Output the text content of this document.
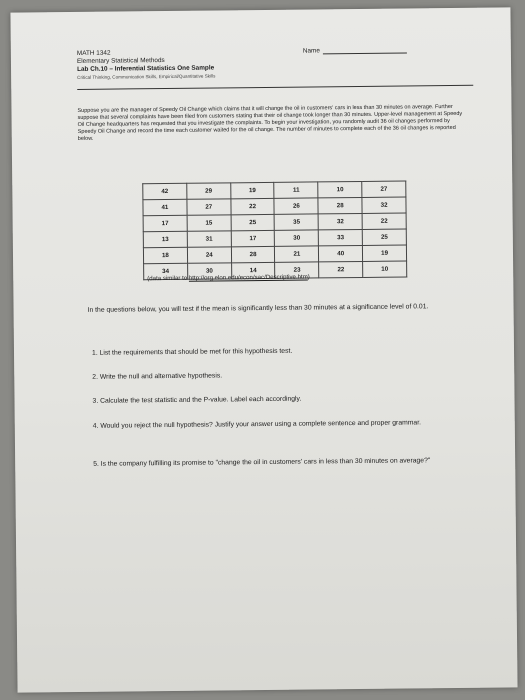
MATH 1342

Elementary Statistical Methods

Lab Ch.10 – Inferential Statistics One Sample

Critical Thinking, Communication Skills, Empirical/Quantitative Skills

Name

Suppose you are the manager of Speedy Oil Change which claims that it will change the oil in customers' cars in less than 30 minutes on average. Further suppose that several complaints have been filed from customers stating that their oil change took longer than 30 minutes. Upper-level management at Speedy Oil Change headquarters has requested that you investigate the complaints. To begin your investigation, you randomly audit 36 oil changes performed by Speedy Oil Change and record the time each customer waited for the oil change. The number of minutes to complete each of the 36 oil changes is reported below.

42	29	19	11	10	27
41	27	22	26	28	32
17	15	25	35	32	22
13	31	17	30	33	25
18	24	28	21	40	19
34	30	14	23	22	10
(data similar to http://org.elon.edu/econ/sac/Descriptive.htm)

In the questions below, you will test if the mean is significantly less than 30 minutes at a significance level of 0.01.

1. List the requirements that should be met for this hypothesis test.

2. Write the null and alternative hypothesis.

3. Calculate the test statistic and the P-value. Label each accordingly.

4. Would you reject the null hypothesis? Justify your answer using a complete sentence and proper grammar.

5. Is the company fulfilling its promise to "change the oil in customers' cars in less than 30 minutes on average?"
